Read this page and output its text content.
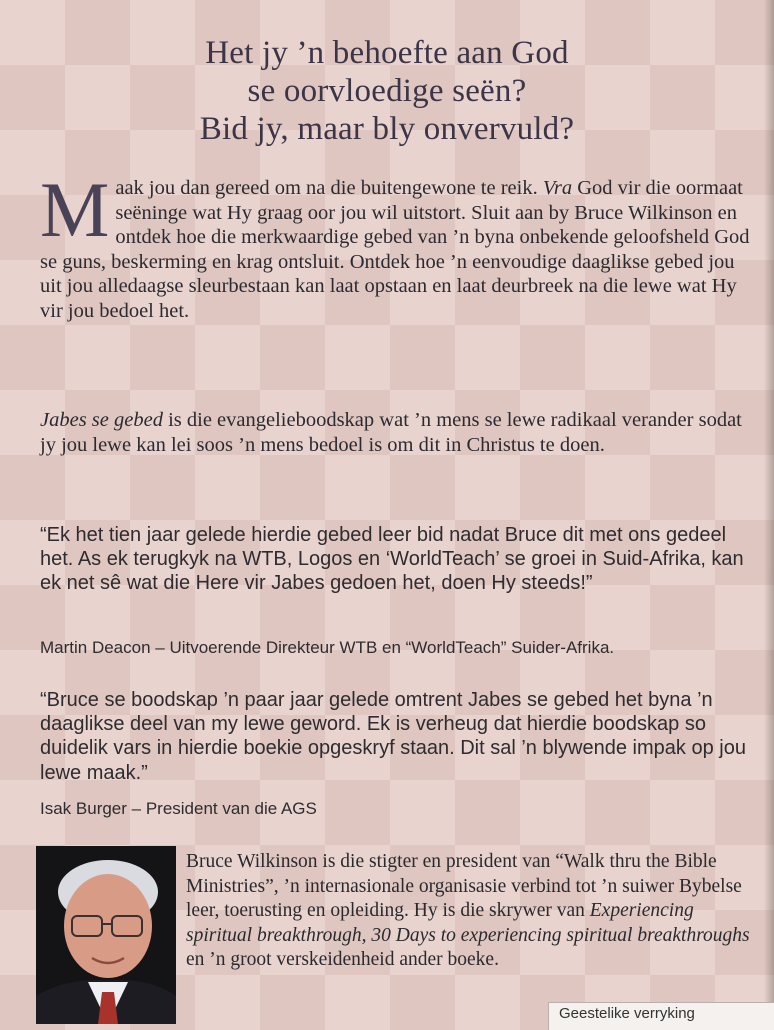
Het jy ’n behoefte aan God
se oorvloedige seën?
Bid jy, maar bly onvervuld?
Maak jou dan gereed om na die buitengewone te reik. Vra God vir die oormaat seëninge wat Hy graag oor jou wil uitstort. Sluit aan by Bruce Wilkinson en ontdek hoe die merkwaardige gebed van ’n byna onbekende geloofsheld God se guns, beskerming en krag ontsluit. Ontdek hoe ’n eenvoudige daaglikse gebed jou uit jou alledaagse sleurbestaan kan laat opstaan en laat deurbreek na die lewe wat Hy vir jou bedoel het.
Jabes se gebed is die evangelieboodskap wat ’n mens se lewe radikaal verander sodat jy jou lewe kan lei soos ’n mens bedoel is om dit in Christus te doen.
“Ek het tien jaar gelede hierdie gebed leer bid nadat Bruce dit met ons gedeel het. As ek terugkyk na WTB, Logos en ‘WorldTeach’ se groei in Suid-Afrika, kan ek net sê wat die Here vir Jabes gedoen het, doen Hy steeds!”
Martin Deacon – Uitvoerende Direkteur WTB en “WorldTeach” Suider-Afrika.
“Bruce se boodskap ’n paar jaar gelede omtrent Jabes se gebed het byna ’n daaglikse deel van my lewe geword. Ek is verheug dat hierdie boodskap so duidelik vars in hierdie boekie opgeskryf staan. Dit sal ’n blywende impak op jou lewe maak.”
Isak Burger – President van die AGS
Bruce Wilkinson is die stigter en president van “Walk thru the Bible Ministries”, ’n internasionale organisasie verbind tot ’n suiwer Bybelse leer, toerusting en opleiding. Hy is die skrywer van Experiencing spiritual breakthrough, 30 Days to experiencing spiritual breakthroughs en ’n groot verskeidenheid ander boeke.
Geestelike verryking
